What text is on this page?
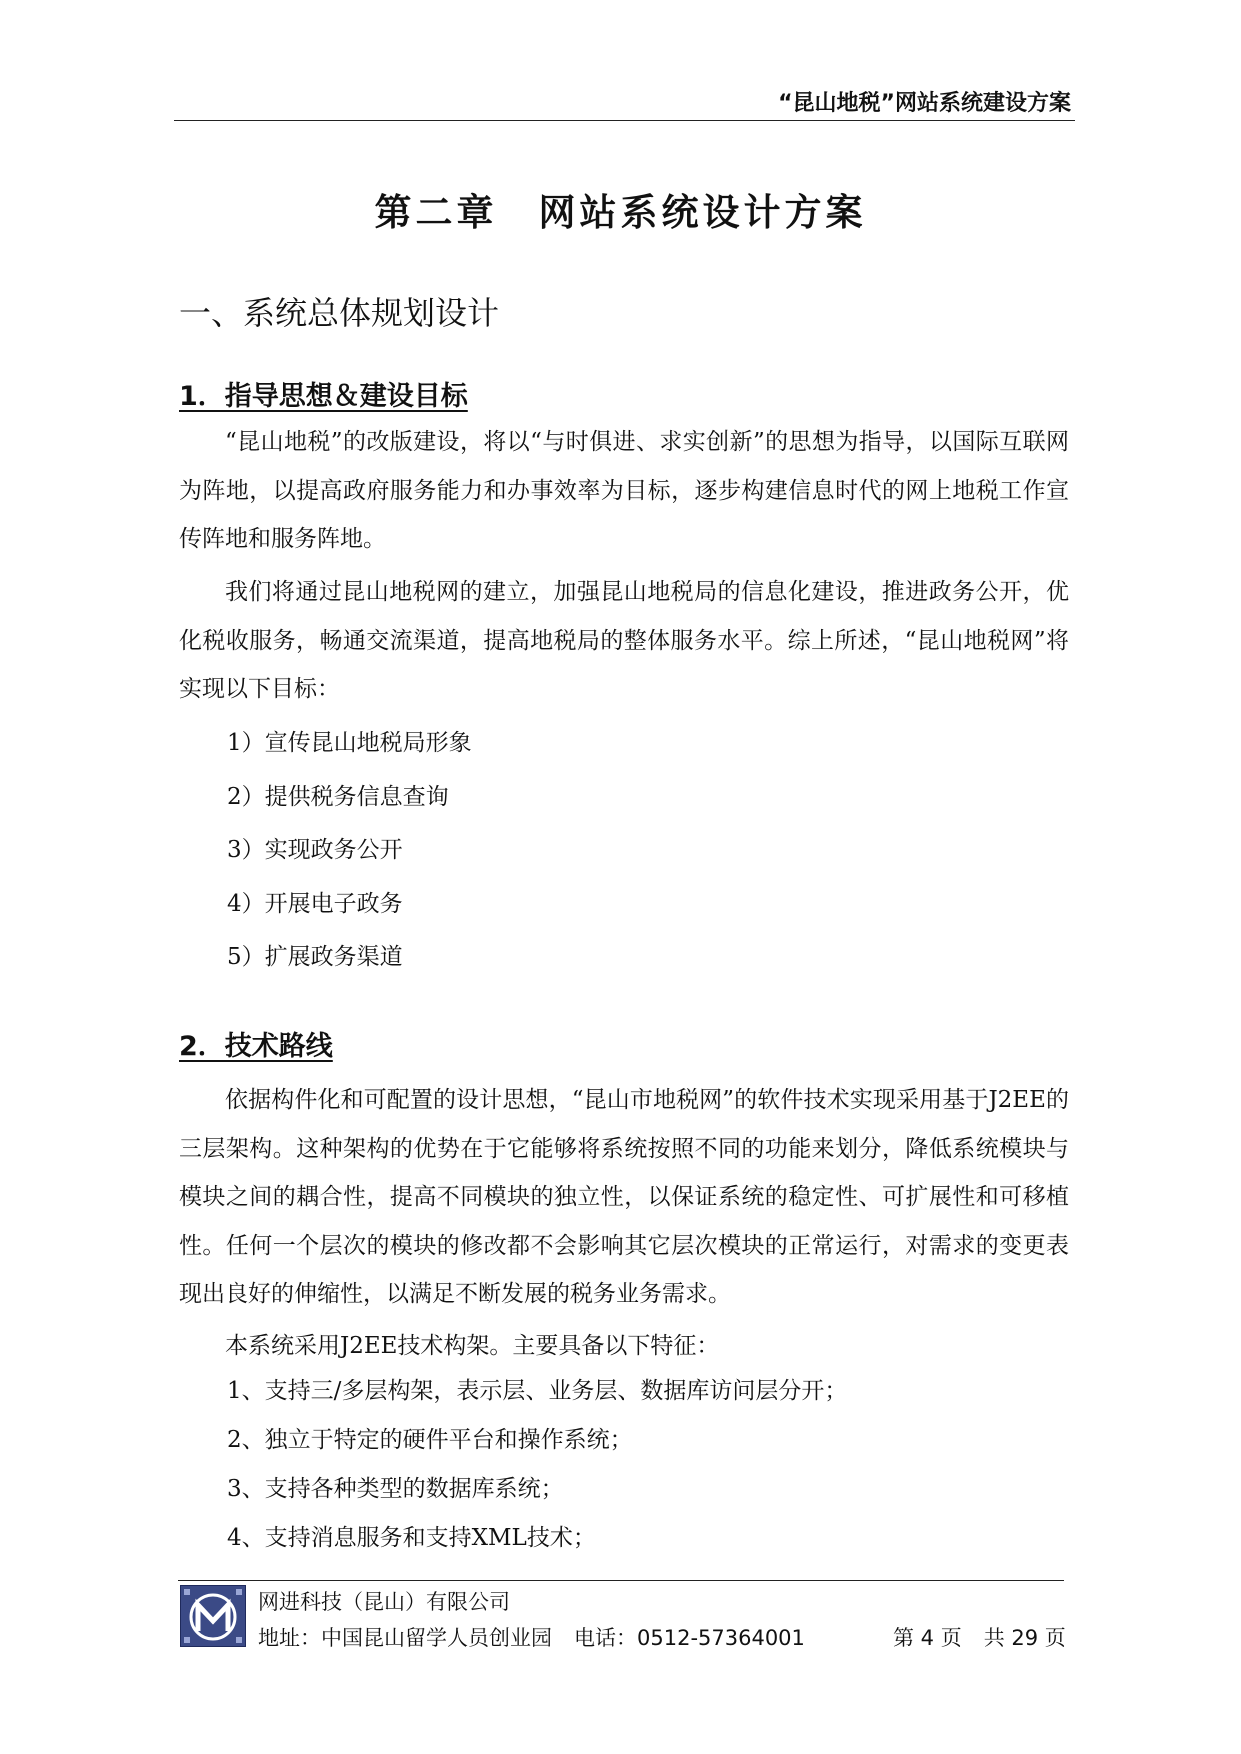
“昆山地税”网站系统建设方案
第二章　网站系统设计方案
一、系统总体规划设计
1．指导思想＆建设目标

“昆山地税”的改版建设，将以“与时俱进、求实创新”的思想为指导，以国际互联网为阵地，以提高政府服务能力和办事效率为目标，逐步构建信息时代的网上地税工作宣传阵地和服务阵地。

我们将通过昆山地税网的建立，加强昆山地税局的信息化建设，推进政务公开，优化税收服务，畅通交流渠道，提高地税局的整体服务水平。综上所述，“昆山地税网”将实现以下目标：

1）宣传昆山地税局形象
2）提供税务信息查询
3）实现政务公开
4）开展电子政务
5）扩展政务渠道
2．技术路线

依据构件化和可配置的设计思想，“昆山市地税网”的软件技术实现采用基于J2EE的三层架构。这种架构的优势在于它能够将系统按照不同的功能来划分，降低系统模块与模块之间的耦合性，提高不同模块的独立性，以保证系统的稳定性、可扩展性和可移植性。任何一个层次的模块的修改都不会影响其它层次模块的正常运行，对需求的变更表现出良好的伸缩性，以满足不断发展的税务业务需求。

本系统采用J2EE技术构架。主要具备以下特征：

1、支持三/多层构架，表示层、业务层、数据库访问层分开；
2、独立于特定的硬件平台和操作系统；
3、支持各种类型的数据库系统；
4、支持消息服务和支持XML技术；
网进科技（昆山）有限公司
地址：中国昆山留学人员创业园 电话：0512-57364001	第 4 页 共 29 页
